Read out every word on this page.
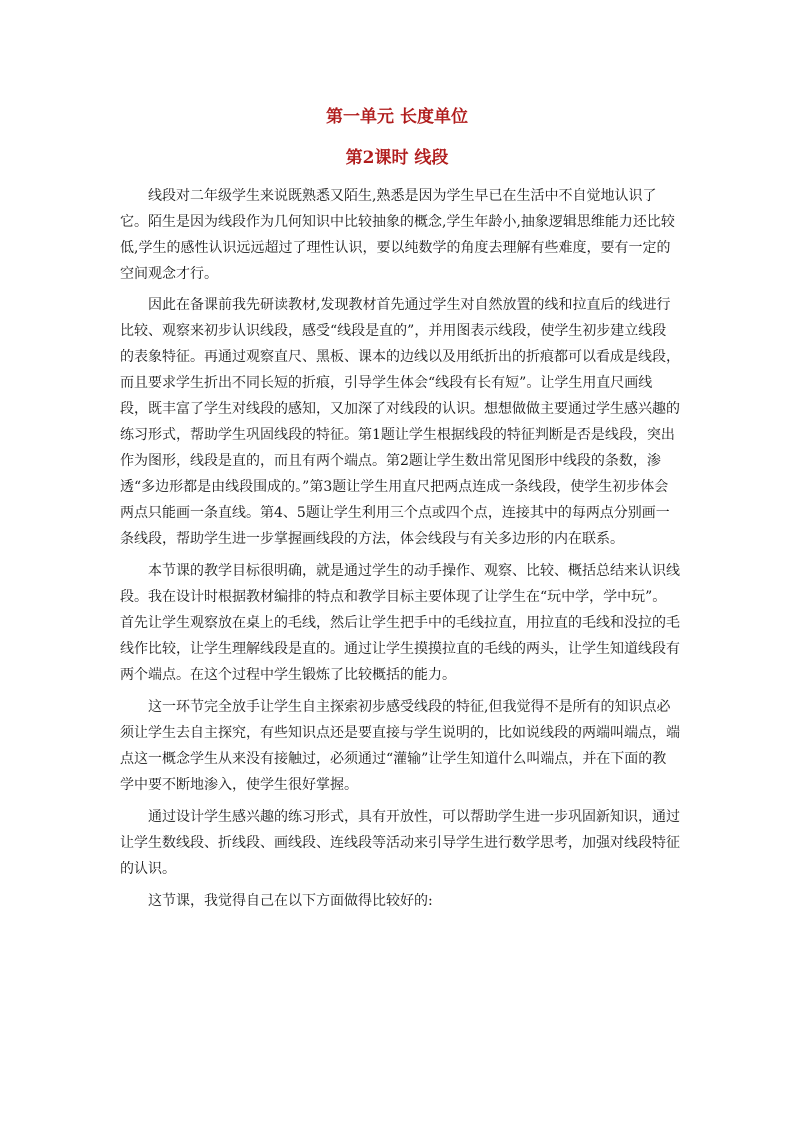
第一单元 长度单位
第2课时 线段

线段对二年级学生来说既熟悉又陌生,熟悉是因为学生早已在生活中不自觉地认识了它。陌生是因为线段作为几何知识中比较抽象的概念,学生年龄小,抽象逻辑思维能力还比较低,学生的感性认识远远超过了理性认识，要以纯数学的角度去理解有些难度，要有一定的空间观念才行。

因此在备课前我先研读教材,发现教材首先通过学生对自然放置的线和拉直后的线进行比较、观察来初步认识线段，感受“线段是直的”，并用图表示线段，使学生初步建立线段的表象特征。再通过观察直尺、黑板、课本的边线以及用纸折出的折痕都可以看成是线段，而且要求学生折出不同长短的折痕，引导学生体会“线段有长有短”。让学生用直尺画线段，既丰富了学生对线段的感知，又加深了对线段的认识。想想做做主要通过学生感兴趣的练习形式，帮助学生巩固线段的特征。第1题让学生根据线段的特征判断是否是线段，突出作为图形，线段是直的，而且有两个端点。第2题让学生数出常见图形中线段的条数，渗透“多边形都是由线段围成的。”第3题让学生用直尺把两点连成一条线段，使学生初步体会两点只能画一条直线。第4、5题让学生利用三个点或四个点，连接其中的每两点分别画一条线段，帮助学生进一步掌握画线段的方法，体会线段与有关多边形的内在联系。

本节课的教学目标很明确，就是通过学生的动手操作、观察、比较、概括总结来认识线段。我在设计时根据教材编排的特点和教学目标主要体现了让学生在“玩中学，学中玩”。首先让学生观察放在桌上的毛线，然后让学生把手中的毛线拉直，用拉直的毛线和没拉的毛线作比较，让学生理解线段是直的。通过让学生摸摸拉直的毛线的两头，让学生知道线段有两个端点。在这个过程中学生锻炼了比较概括的能力。

这一环节完全放手让学生自主探索初步感受线段的特征,但我觉得不是所有的知识点必须让学生去自主探究，有些知识点还是要直接与学生说明的，比如说线段的两端叫端点，端点这一概念学生从来没有接触过，必须通过“灌输”让学生知道什么叫端点，并在下面的教学中要不断地渗入，使学生很好掌握。

通过设计学生感兴趣的练习形式，具有开放性，可以帮助学生进一步巩固新知识，通过让学生数线段、折线段、画线段、连线段等活动来引导学生进行数学思考，加强对线段特征的认识。

这节课，我觉得自己在以下方面做得比较好的:
